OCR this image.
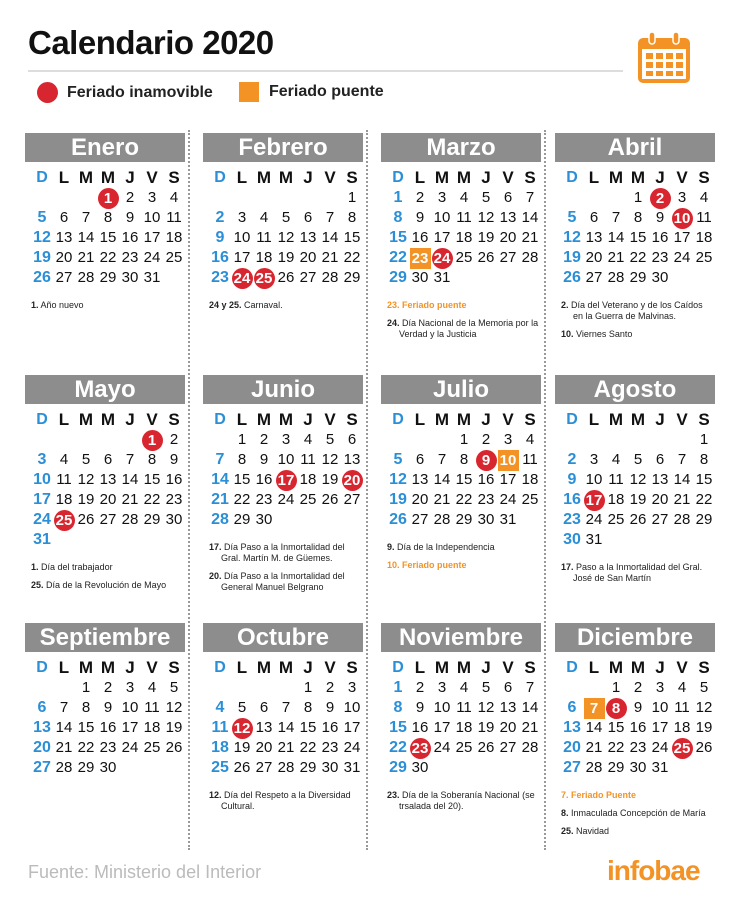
Calendario 2020
Feriado inamovible	Feriado puente
Enero
D L M M J V S
1 2 3 4
5 6 7 8 9 10 11
12 13 14 15 16 17 18
19 20 21 22 23 24 25
26 27 28 29 30 31

1. Año nuevo

Febrero
D L M M J V S
1
2 3 4 5 6 7 8
9 10 11 12 13 14 15
16 17 18 19 20 21 22
23 24 25 26 27 28 29

24 y 25. Carnaval.

Marzo
D L M M J V S
1 2 3 4 5 6 7
8 9 10 11 12 13 14
15 16 17 18 19 20 21
22 23 24 25 26 27 28
29 30 31

23. Feriado puente

24. Día Nacional de la Memoria por la Verdad y la Justicia

Abril
D L M M J V S
1 2 3 4
5 6 7 8 9 10 11
12 13 14 15 16 17 18
19 20 21 22 23 24 25
26 27 28 29 30

2. Día del Veterano y de los Caídos en la Guerra de Malvinas.

10. Viernes Santo

Mayo
D L M M J V S
1 2
3 4 5 6 7 8 9
10 11 12 13 14 15 16
17 18 19 20 21 22 23
24 25 26 27 28 29 30
31

1. Día del trabajador

25. Día de la Revolución de Mayo

Junio
D L M M J V S
1 2 3 4 5 6
7 8 9 10 11 12 13
14 15 16 17 18 19 20
21 22 23 24 25 26 27
28 29 30

17. Día Paso a la Inmortalidad del Gral. Martín M. de Güemes.

20. Día Paso a la Inmortalidad del General Manuel Belgrano

Julio
D L M M J V S
1 2 3 4
5 6 7 8 9 10 11
12 13 14 15 16 17 18
19 20 21 22 23 24 25
26 27 28 29 30 31

9. Día de la Independencia

10. Feriado puente

Agosto
D L M M J V S
1
2 3 4 5 6 7 8
9 10 11 12 13 14 15
16 17 18 19 20 21 22
23 24 25 26 27 28 29
30 31

17. Paso a la Inmortalidad del Gral. José de San Martín

Septiembre
D L M M J V S
1 2 3 4 5
6 7 8 9 10 11 12
13 14 15 16 17 18 19
20 21 22 23 24 25 26
27 28 29 30
Octubre
D L M M J V S
1 2 3
4 5 6 7 8 9 10
11 12 13 14 15 16 17
18 19 20 21 22 23 24
25 26 27 28 29 30 31

12. Día del Respeto a la Diversidad Cultural.

Noviembre
D L M M J V S
1 2 3 4 5 6 7
8 9 10 11 12 13 14
15 16 17 18 19 20 21
22 23 24 25 26 27 28
29 30

23. Día de la Soberanía Nacional (se trsalada del 20).

Diciembre
D L M M J V S
1 2 3 4 5
6 7 8 9 10 11 12
13 14 15 16 17 18 19
20 21 22 23 24 25 26
27 28 29 30 31

7. Feriado Puente

8. Inmaculada Concepción de María

25. Navidad

Fuente: Ministerio del Interior	infobae
